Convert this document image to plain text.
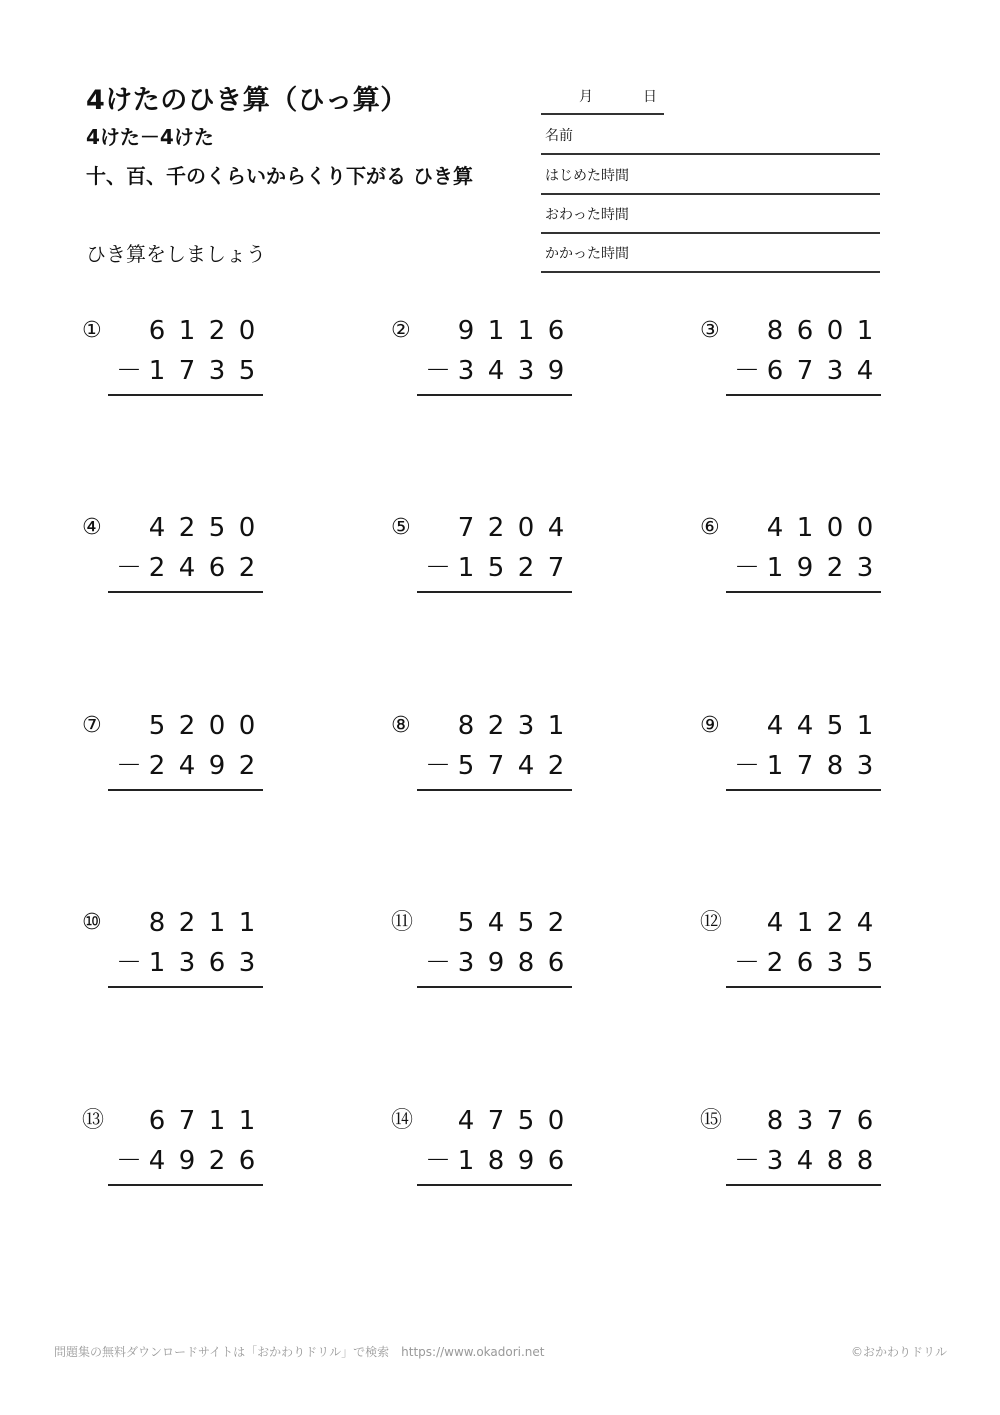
4けたのひき算（ひっ算）
4けた－4けた
十、百、千のくらいからくり下がる ひき算
ひき算をしましょう
月	日
名前
はじめた時間
おわった時間
かかった時間
① 6 1 2 0
－ 1 7 3 5
② 9 1 1 6
－ 3 4 3 9
③ 8 6 0 1
－ 6 7 3 4
④ 4 2 5 0
－ 2 4 6 2
⑤ 7 2 0 4
－ 1 5 2 7
⑥ 4 1 0 0
－ 1 9 2 3
⑦ 5 2 0 0
－ 2 4 9 2
⑧ 8 2 3 1
－ 5 7 4 2
⑨ 4 4 5 1
－ 1 7 8 3
⑩ 8 2 1 1
－ 1 3 6 3
⑪ 5 4 5 2
－ 3 9 8 6
⑫ 4 1 2 4
－ 2 6 3 5
⑬ 6 7 1 1
－ 4 9 2 6
⑭ 4 7 5 0
－ 1 8 9 6
⑮ 8 3 7 6
－ 3 4 8 8
問題集の無料ダウンロードサイトは「おかわりドリル」で検索　https://www.okadori.net	©おかわりドリル
